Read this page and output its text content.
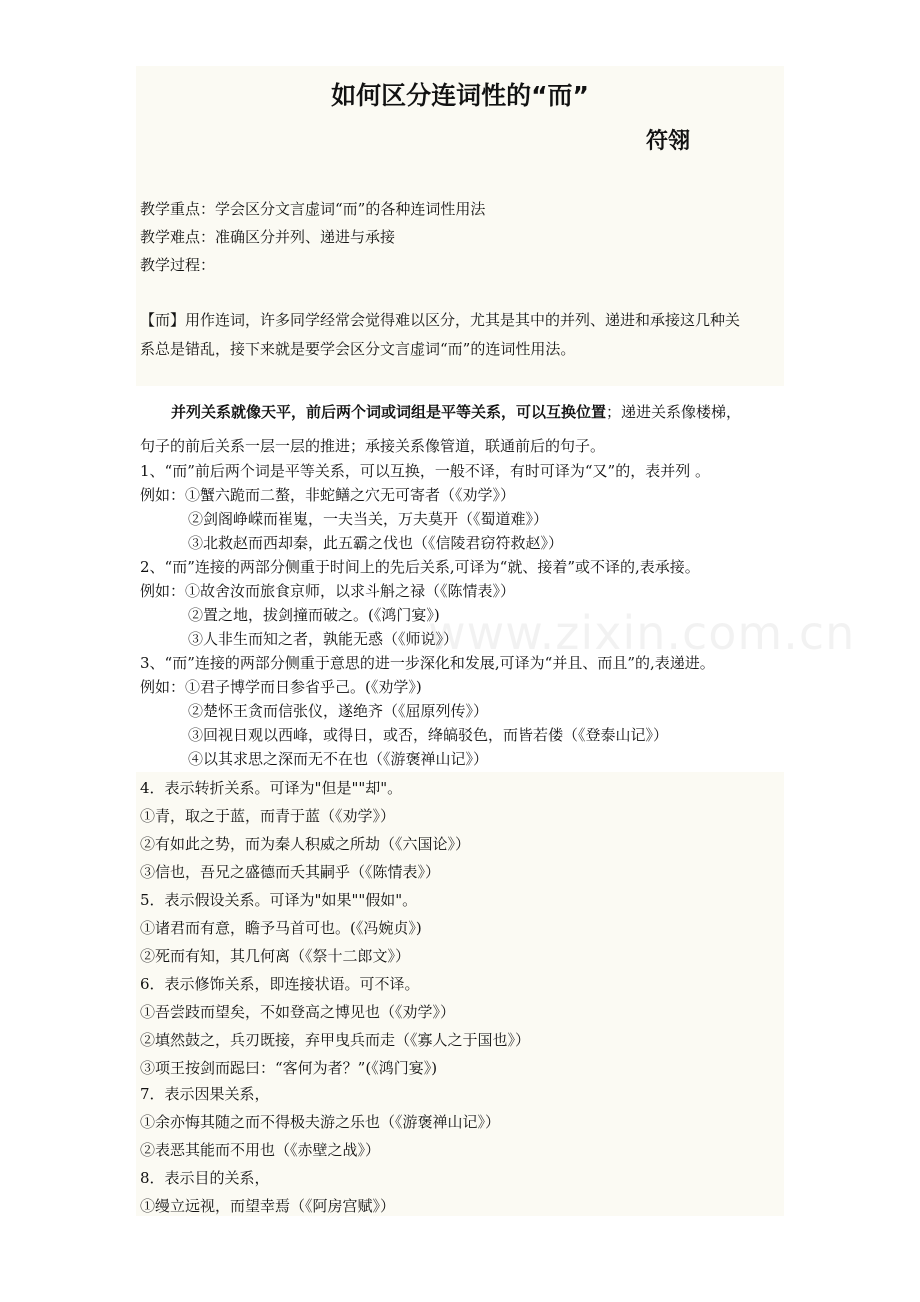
www.zixin.com.cn
如何区分连词性的“而”
符翎
教学重点：学会区分文言虚词“而”的各种连词性用法
教学难点：准确区分并列、递进与承接
教学过程：
【而】用作连词，许多同学经常会觉得难以区分，尤其是其中的并列、递进和承接这几种关
系总是错乱，接下来就是要学会区分文言虚词“而”的连词性用法。
并列关系就像天平，前后两个词或词组是平等关系，可以互换位置；递进关系像楼梯，
句子的前后关系一层一层的推进；承接关系像管道，联通前后的句子。
1、“而”前后两个词是平等关系，可以互换，一般不译，有时可译为“又”的，表并列 。
例如：①蟹六跪而二螯，非蛇鳝之穴无可寄者（《劝学》）
②剑阁峥嵘而崔嵬，一夫当关，万夫莫开（《蜀道难》）
③北救赵而西却秦，此五霸之伐也（《信陵君窃符救赵》）
2、“而”连接的两部分侧重于时间上的先后关系,可译为“就、接着”或不译的,表承接。
例如：①故舍汝而旅食京师，以求斗斛之禄（《陈情表》）
②置之地，拔剑撞而破之。(《鸿门宴》)
③人非生而知之者，孰能无惑（《师说》）
3、“而”连接的两部分侧重于意思的进一步深化和发展,可译为“并且、而且”的,表递进。
例如：①君子博学而日参省乎己。(《劝学》)
②楚怀王贪而信张仪，遂绝齐（《屈原列传》）
③回视日观以西峰，或得日，或否，绛皜驳色，而皆若偻（《登泰山记》）
④以其求思之深而无不在也（《游褒禅山记》）
4．表示转折关系。可译为"但是""却"。
①青，取之于蓝，而青于蓝（《劝学》）
②有如此之势，而为秦人积威之所劫（《六国论》）
③信也，吾兄之盛德而夭其嗣乎（《陈情表》）
5．表示假设关系。可译为"如果""假如"。
①诸君而有意，瞻予马首可也。(《冯婉贞》)
②死而有知，其几何离（《祭十二郎文》）
6．表示修饰关系，即连接状语。可不译。
①吾尝跂而望矣，不如登高之博见也（《劝学》）
②填然鼓之，兵刃既接，弃甲曳兵而走（《寡人之于国也》）
③项王按剑而跽曰：“客何为者？”(《鸿门宴》)
7．表示因果关系，
①余亦悔其随之而不得极夫游之乐也（《游褒禅山记》）
②表恶其能而不用也（《赤壁之战》）
8．表示目的关系，
①缦立远视，而望幸焉（《阿房宫赋》）
